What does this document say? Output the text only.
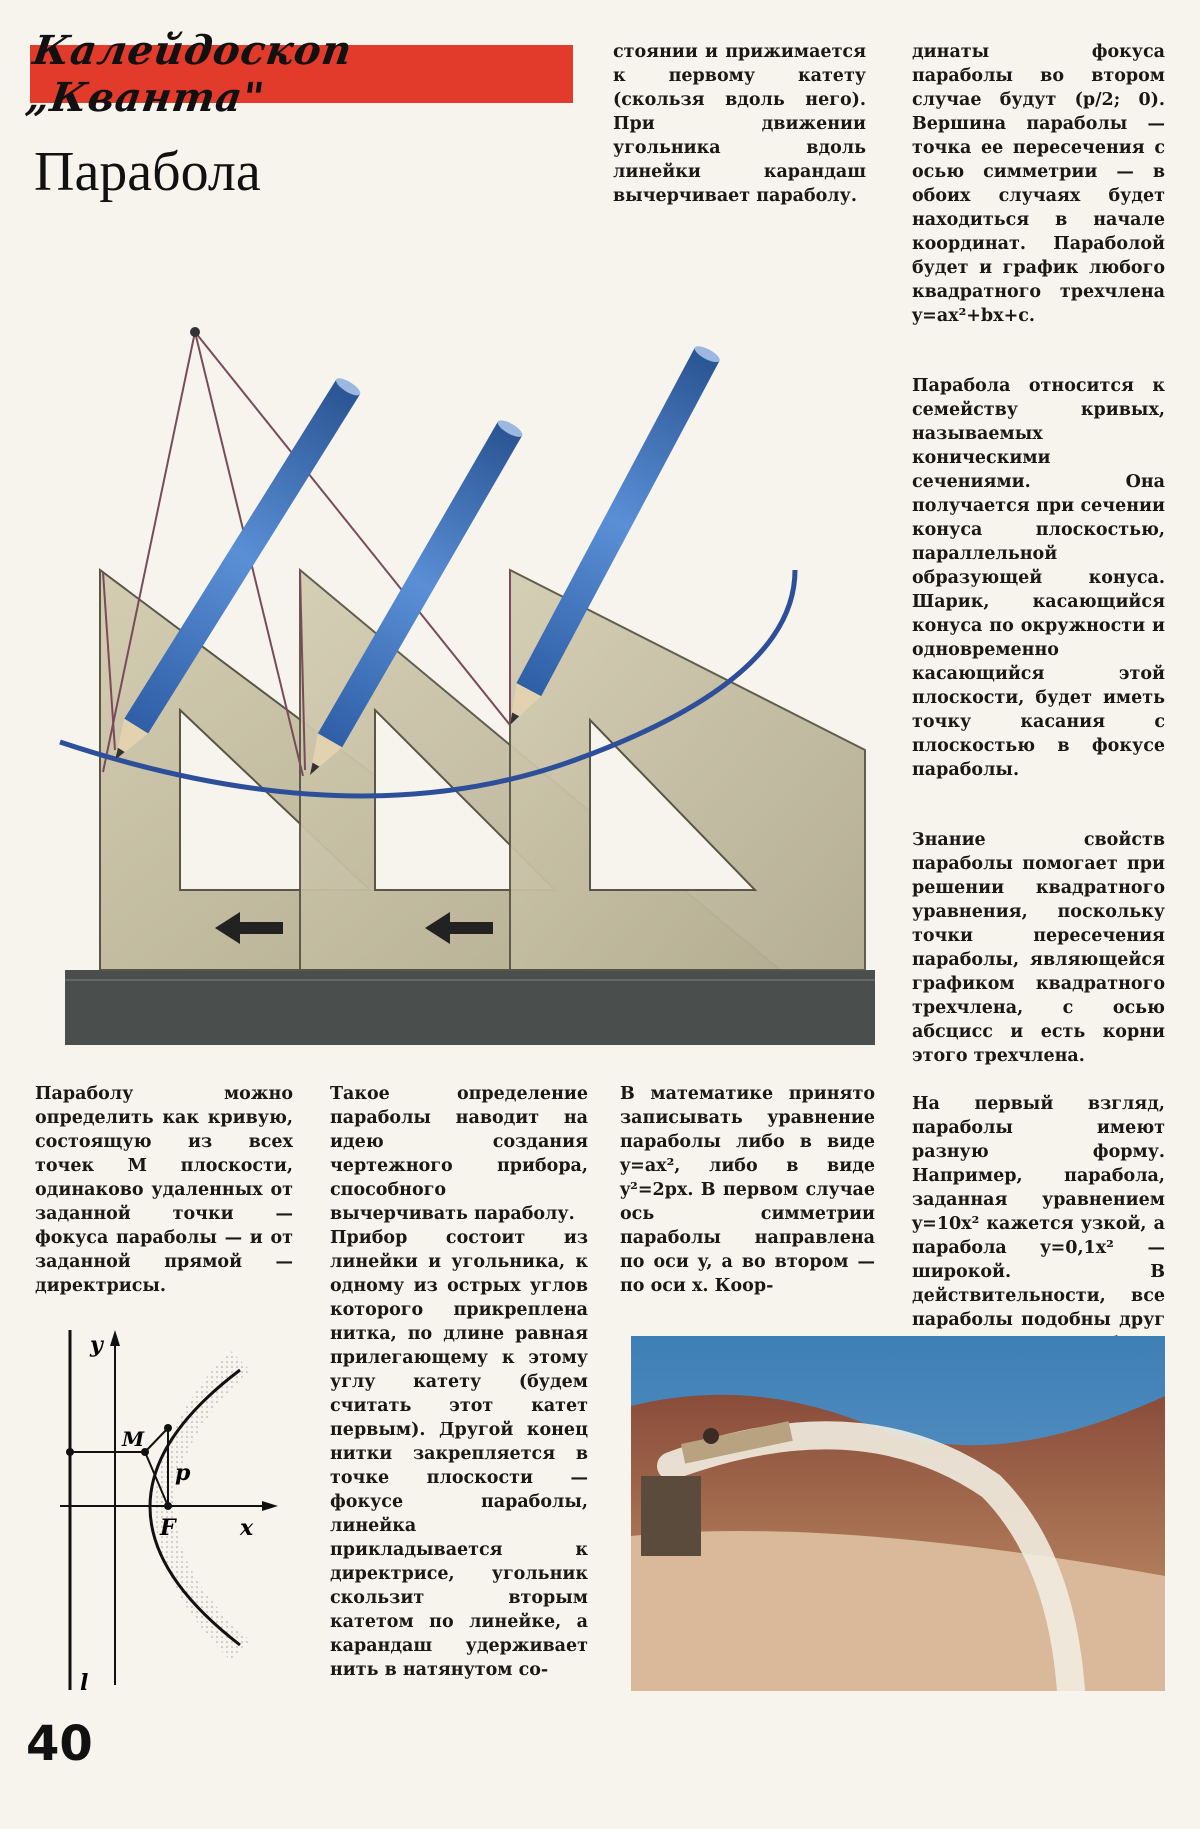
Калейдоскоп „Кванта"
Парабола

стоянии и прижимается к первому катету (скользя вдоль него). При движении угольника вдоль линейки карандаш вычерчивает параболу.

динаты фокуса параболы во втором случае будут (p/2; 0). Вершина параболы — точка ее пересечения с осью симметрии — в обоих случаях будет находиться в начале координат. Параболой будет и график любого квадратного трехчлена y=ax²+bx+c.

Парабола относится к семейству кривых, называемых коническими сечениями. Она получается при сечении конуса плоскостью, параллельной образующей конуса. Шарик, касающийся конуса по окружности и одновременно касающийся этой плоскости, будет иметь точку касания с плоскостью в фокусе параболы.

Знание свойств параболы помогает при решении квадратного уравнения, поскольку точки пересечения параболы, являющейся графиком квадратного трехчлена, с осью абсцисс и есть корни этого трехчлена.

На первый взгляд, параболы имеют разную форму. Например, парабола, заданная уравнением y=10x² кажется узкой, а парабола y=0,1x² — широкой. В действительности, все параболы подобны друг

Параболу можно определить как кривую, состоящую из всех точек M плоскости, одинаково удаленных от заданной точки — фокуса параболы — и от заданной прямой — директрисы.

Такое определение параболы наводит на идею создания чертежного прибора, способного вычерчивать параболу.

Прибор состоит из линейки и угольника, к одному из острых углов которого прикреплена нитка, по длине равная прилегающему к этому углу катету (будем считать этот катет первым). Другой конец нитки закрепляется в точке плоскости — фокусе параболы, линейка прикладывается к директрисе, угольник скользит вторым катетом по линейке, а карандаш удерживает нить в натянутом со-

В математике принято записывать уравнение параболы либо в виде y=ax², либо в виде y²=2px. В первом случае ось симметрии параболы направлена по оси y, а во втором — по оси x. Коор-

y
x
M
p
F
l
40
